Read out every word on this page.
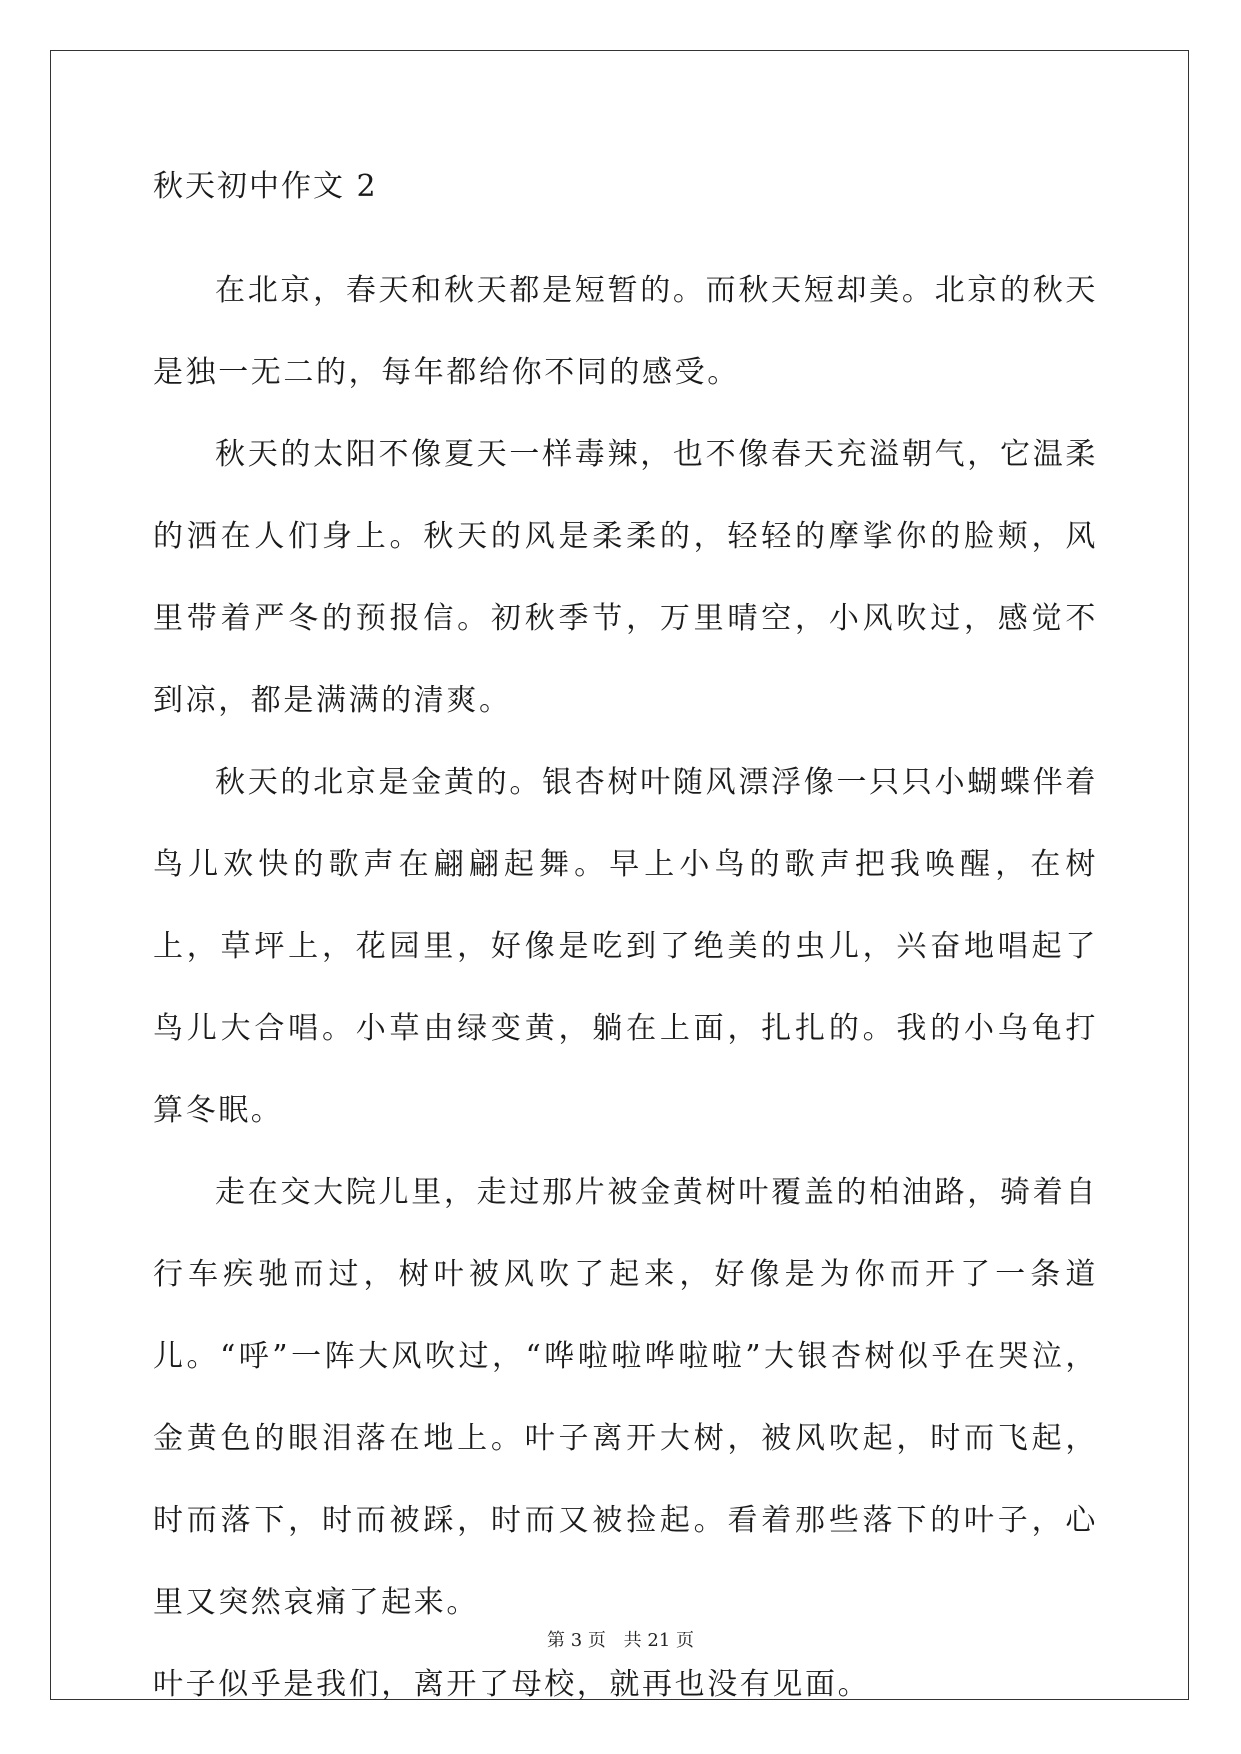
秋天初中作文 2

在北京，春天和秋天都是短暂的。而秋天短却美。北京的秋天是独一无二的，每年都给你不同的感受。

秋天的太阳不像夏天一样毒辣，也不像春天充溢朝气，它温柔的洒在人们身上。秋天的风是柔柔的，轻轻的摩挲你的脸颊，风里带着严冬的预报信。初秋季节，万里晴空，小风吹过，感觉不到凉，都是满满的清爽。

秋天的北京是金黄的。银杏树叶随风漂浮像一只只小蝴蝶伴着鸟儿欢快的歌声在翩翩起舞。早上小鸟的歌声把我唤醒，在树上，草坪上，花园里，好像是吃到了绝美的虫儿，兴奋地唱起了鸟儿大合唱。小草由绿变黄，躺在上面，扎扎的。我的小乌龟打算冬眠。

走在交大院儿里，走过那片被金黄树叶覆盖的柏油路，骑着自行车疾驰而过，树叶被风吹了起来，好像是为你而开了一条道儿。“呼”一阵大风吹过，“哗啦啦哗啦啦”大银杏树似乎在哭泣，金黄色的眼泪落在地上。叶子离开大树，被风吹起，时而飞起，时而落下，时而被踩，时而又被捡起。看着那些落下的叶子，心里又突然哀痛了起来。

叶子似乎是我们，离开了母校，就再也没有见面。

第 3 页 共 21 页
